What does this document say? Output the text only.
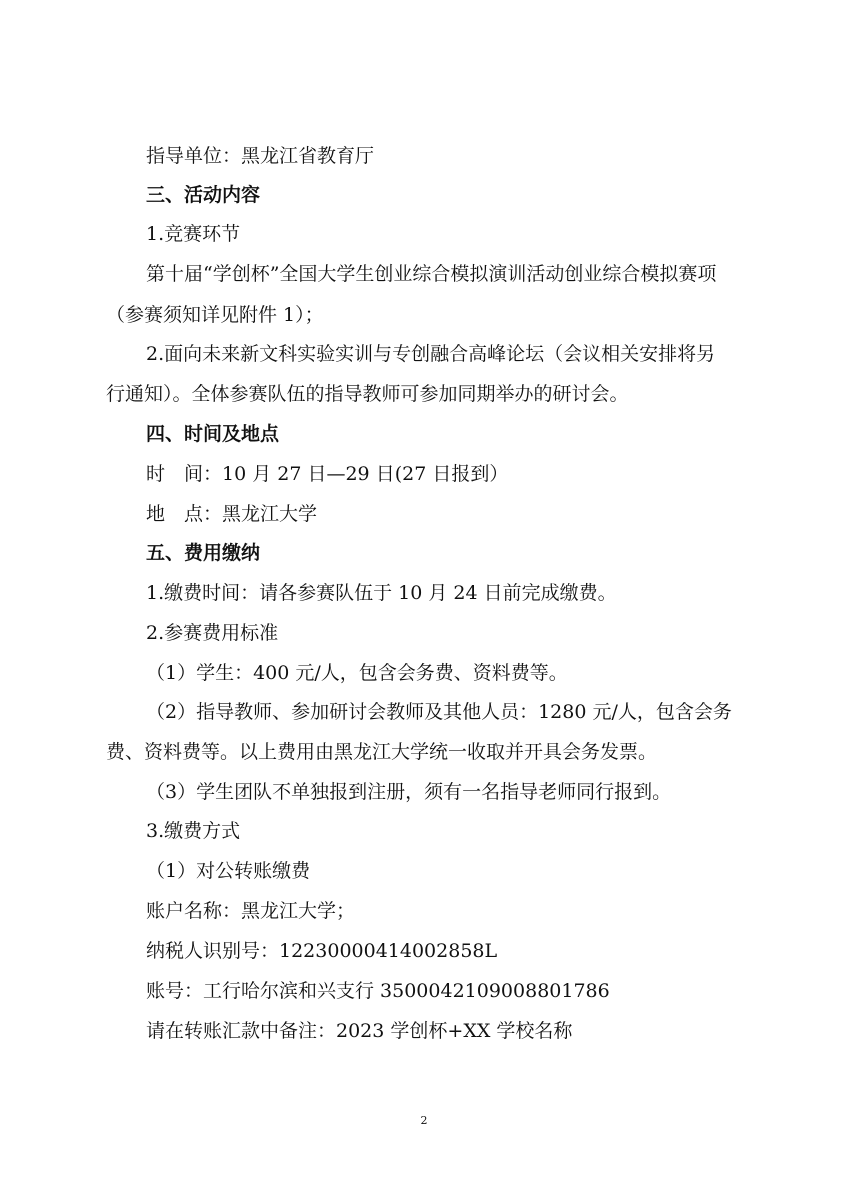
指导单位：黑龙江省教育厅
三、活动内容
1.竞赛环节
第十届“学创杯”全国大学生创业综合模拟演训活动创业综合模拟赛项
（参赛须知详见附件 1）；
2.面向未来新文科实验实训与专创融合高峰论坛（会议相关安排将另
行通知）。全体参赛队伍的指导教师可参加同期举办的研讨会。
四、时间及地点
时　间：10 月 27 日—29 日(27 日报到）
地　点：黑龙江大学
五、费用缴纳
1.缴费时间：请各参赛队伍于 10 月 24 日前完成缴费。
2.参赛费用标准
（1）学生：400 元/人，包含会务费、资料费等。
（2）指导教师、参加研讨会教师及其他人员：1280 元/人，包含会务
费、资料费等。以上费用由黑龙江大学统一收取并开具会务发票。
（3）学生团队不单独报到注册，须有一名指导老师同行报到。
3.缴费方式
（1）对公转账缴费
账户名称：黑龙江大学；
纳税人识别号：12230000414002858L
账号：工行哈尔滨和兴支行 3500042109008801786
请在转账汇款中备注：2023 学创杯+XX 学校名称
2
